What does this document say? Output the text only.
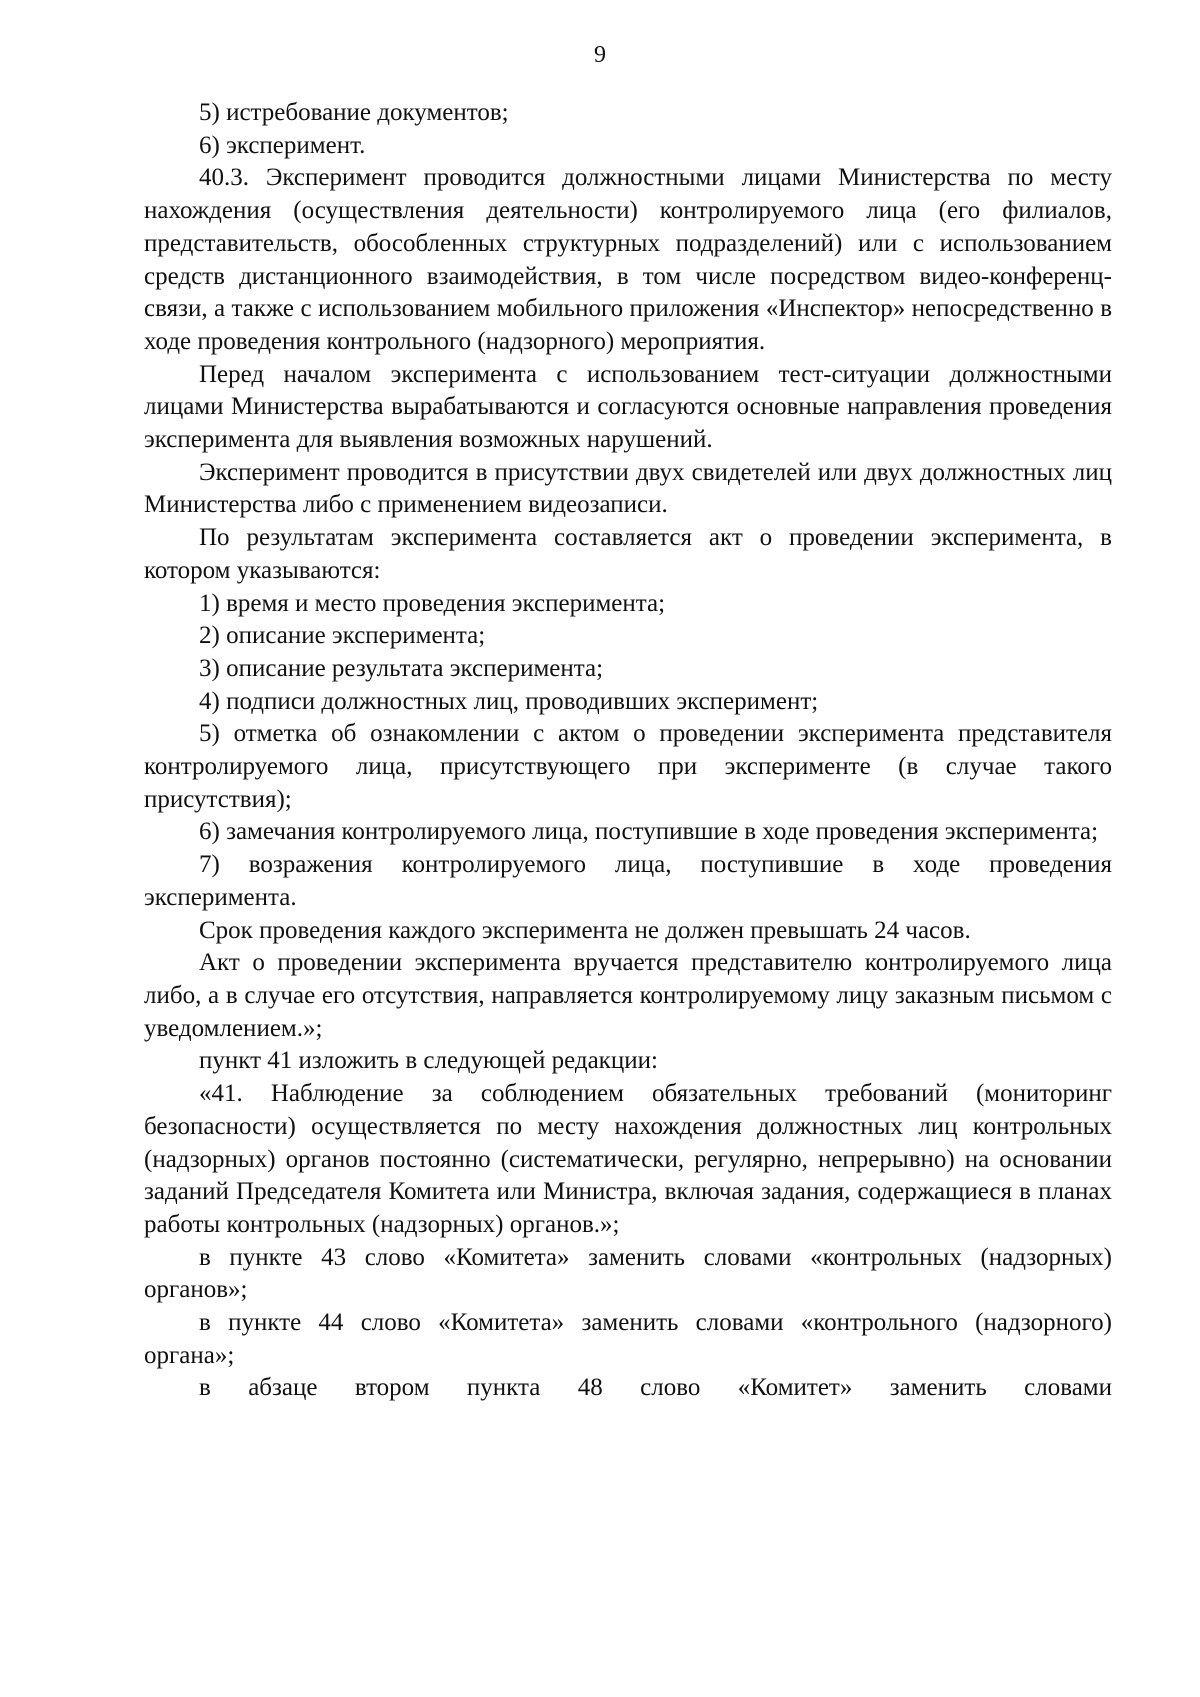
9

5) истребование документов;

6) эксперимент.

40.3. Эксперимент проводится должностными лицами Министерства по месту нахождения (осуществления деятельности) контролируемого лица (его филиалов, представительств, обособленных структурных подразделений) или с использованием средств дистанционного взаимодействия, в том числе посредством видео-конференц-связи, а также с использованием мобильного приложения «Инспектор» непосредственно в ходе проведения контрольного (надзорного) мероприятия.

Перед началом эксперимента с использованием тест-ситуации должностными лицами Министерства вырабатываются и согласуются основные направления проведения эксперимента для выявления возможных нарушений.

Эксперимент проводится в присутствии двух свидетелей или двух должностных лиц Министерства либо с применением видеозаписи.

По результатам эксперимента составляется акт о проведении эксперимента, в котором указываются:

1) время и место проведения эксперимента;

2) описание эксперимента;

3) описание результата эксперимента;

4) подписи должностных лиц, проводивших эксперимент;

5) отметка об ознакомлении с актом о проведении эксперимента представителя контролируемого лица, присутствующего при эксперименте (в случае такого присутствия);

6) замечания контролируемого лица, поступившие в ходе проведения эксперимента;

7) возражения контролируемого лица, поступившие в ходе проведения эксперимента.

Срок проведения каждого эксперимента не должен превышать 24 часов.

Акт о проведении эксперимента вручается представителю контролируемого лица либо, а в случае его отсутствия, направляется контролируемому лицу заказным письмом с уведомлением.»;

пункт 41 изложить в следующей редакции:

«41. Наблюдение за соблюдением обязательных требований (мониторинг безопасности) осуществляется по месту нахождения должностных лиц контрольных (надзорных) органов постоянно (систематически, регулярно, непрерывно) на основании заданий Председателя Комитета или Министра, включая задания, содержащиеся в планах работы контрольных (надзорных) органов.»;

в пункте 43 слово «Комитета» заменить словами «контрольных (надзорных) органов»;

в пункте 44 слово «Комитета» заменить словами «контрольного (надзорного) органа»;

в абзаце втором пункта 48 слово «Комитет» заменить словами
